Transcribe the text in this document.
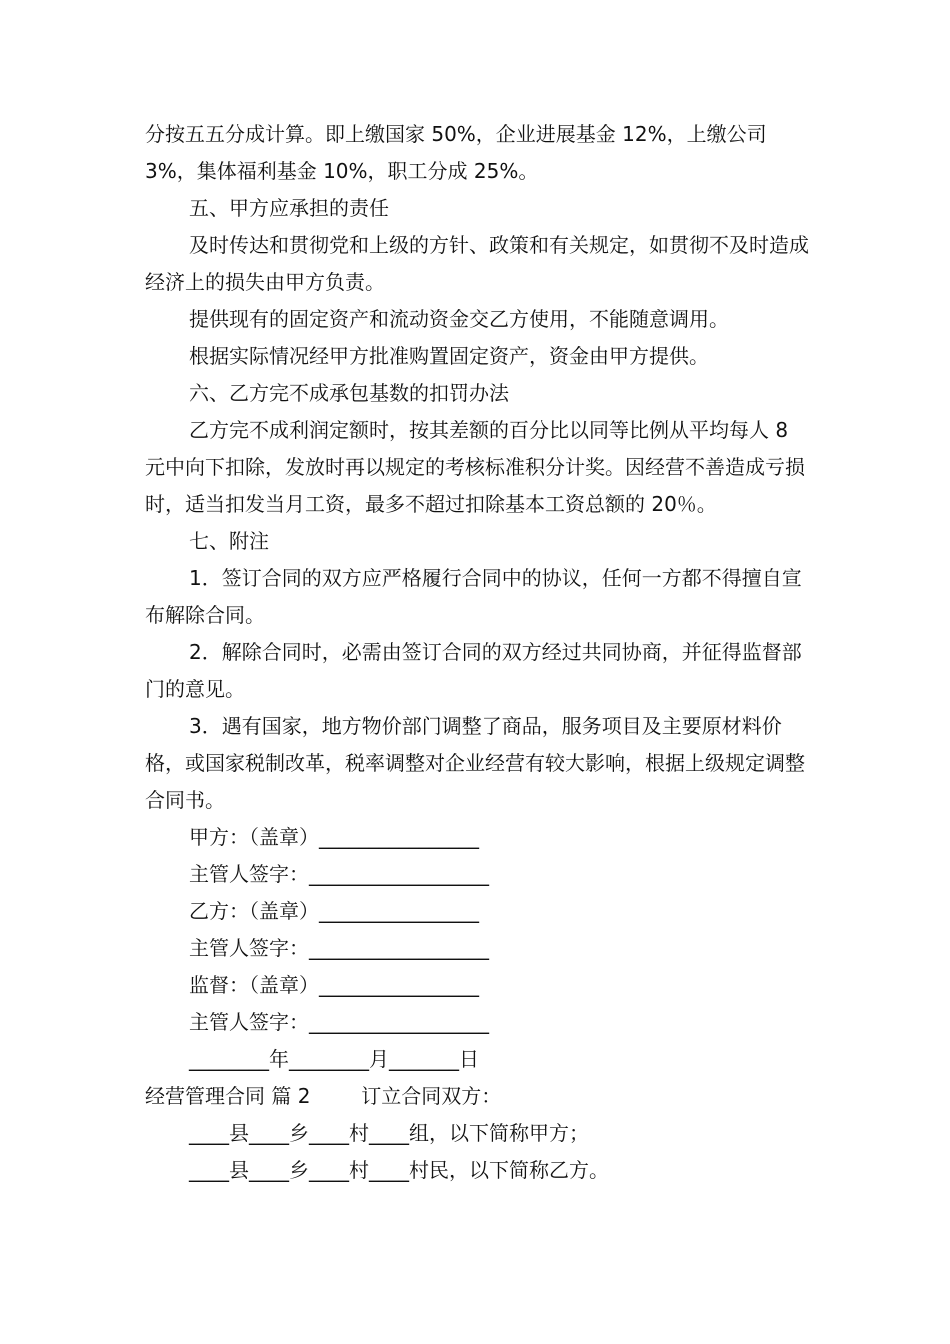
分按五五分成计算。即上缴国家 50%，企业进展基金 12%，上缴公司 3%，集体福利基金 10%，职工分成 25%。

五、甲方应承担的责任

及时传达和贯彻党和上级的方针、政策和有关规定，如贯彻不及时造成经济上的损失由甲方负责。

提供现有的固定资产和流动资金交乙方使用，不能随意调用。

根据实际情况经甲方批准购置固定资产，资金由甲方提供。

六、乙方完不成承包基数的扣罚办法

乙方完不成利润定额时，按其差额的百分比以同等比例从平均每人 8 元中向下扣除，发放时再以规定的考核标准积分计奖。因经营不善造成亏损时，适当扣发当月工资，最多不超过扣除基本工资总额的 20％。

七、附注

1．签订合同的双方应严格履行合同中的协议，任何一方都不得擅自宣布解除合同。

2．解除合同时，必需由签订合同的双方经过共同协商，并征得监督部门的意见。

3．遇有国家，地方物价部门调整了商品，服务项目及主要原材料价格，或国家税制改革，税率调整对企业经营有较大影响，根据上级规定调整合同书。

甲方：（盖章）________________

主管人签字：__________________

乙方：（盖章）________________

主管人签字：__________________

监督：（盖章）________________

主管人签字：__________________

________年________月_______日

经营管理合同 篇 2        订立合同双方：

____县____乡____村____组，以下简称甲方；

____县____乡____村____村民，以下简称乙方。
